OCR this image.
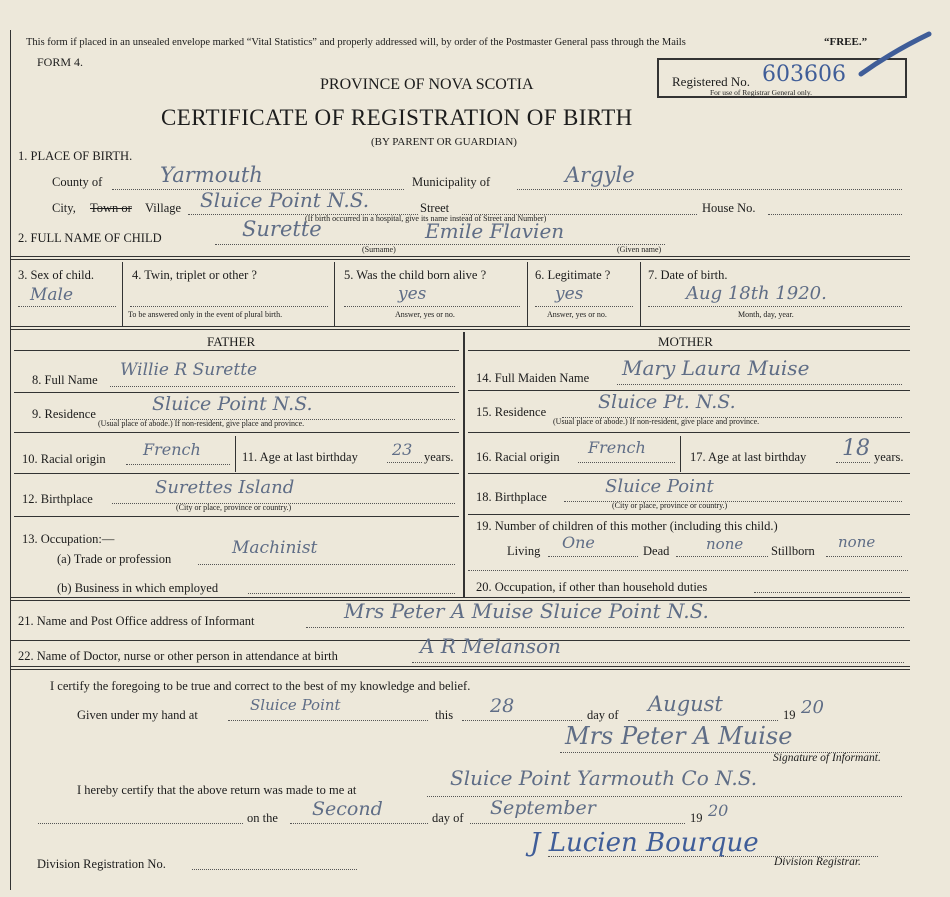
This form if placed in an unsealed envelope marked “Vital Statistics” and properly addressed will, by order of the Postmaster General pass through the Mails	“FREE.”
FORM 4.
PROVINCE OF NOVA SCOTIA
CERTIFICATE OF REGISTRATION OF BIRTH
(BY PARENT OR GUARDIAN)
Registered No. 603606
For use of Registrar General only.
1. PLACE OF BIRTH.
County of	Yarmouth	Municipality of	Argyle
City, Town or Village Sluice Point N.S.	Street	House No.
(If birth occurred in a hospital, give its name instead of Street and Number)
2. FULL NAME OF CHILD	Surette	Emile Flavien
(Surname)	(Given name)
3. Sex of child.
Male
4. Twin, triplet or other ?
To be answered only in the event of plural birth.
5. Was the child born alive ?
yes
Answer, yes or no.
6. Legitimate ?
yes
Answer, yes or no.
7. Date of birth.
Aug 18th 1920.
Month, day, year.
FATHER
8. Full Name Willie R Surette
9. Residence	Sluice Point N.S.
(Usual place of abode.) If non-resident, give place and province.
10. Racial origin French	11. Age at last birthday 23 years.
12. Birthplace
Surettes Island
(City or place, province or country.)
13. Occupation:—
(a) Trade or profession
Machinist
(b) Business in which employed
MOTHER
14. Full Maiden Name Mary Laura Muise
15. Residence	Sluice Pt. N.S.
(Usual place of abode.) If non-resident, give place and province.
16. Racial origin French	17. Age at last birthday 18 years.
18. Birthplace	Sluice Point
(City or place, province or country.)
19. Number of children of this mother (including this child.)
Living One	Dead none Stillborn none
20. Occupation, if other than household duties
21. Name and Post Office address of Informant	Mrs Peter A Muise Sluice Point N.S.
22. Name of Doctor, nurse or other person in attendance at birth	A R Melanson
I certify the foregoing to be true and correct to the best of my knowledge and belief.
Given under my hand at
Sluice Point
this 28	day of August	19 20
Mrs Peter A Muise
Signature of Informant.
I hereby certify that the above return was made to me at	Sluice Point Yarmouth Co N.S.
on the Second	day of September	19 20
J Lucien Bourque
Division Registrar.
Division Registration No.
